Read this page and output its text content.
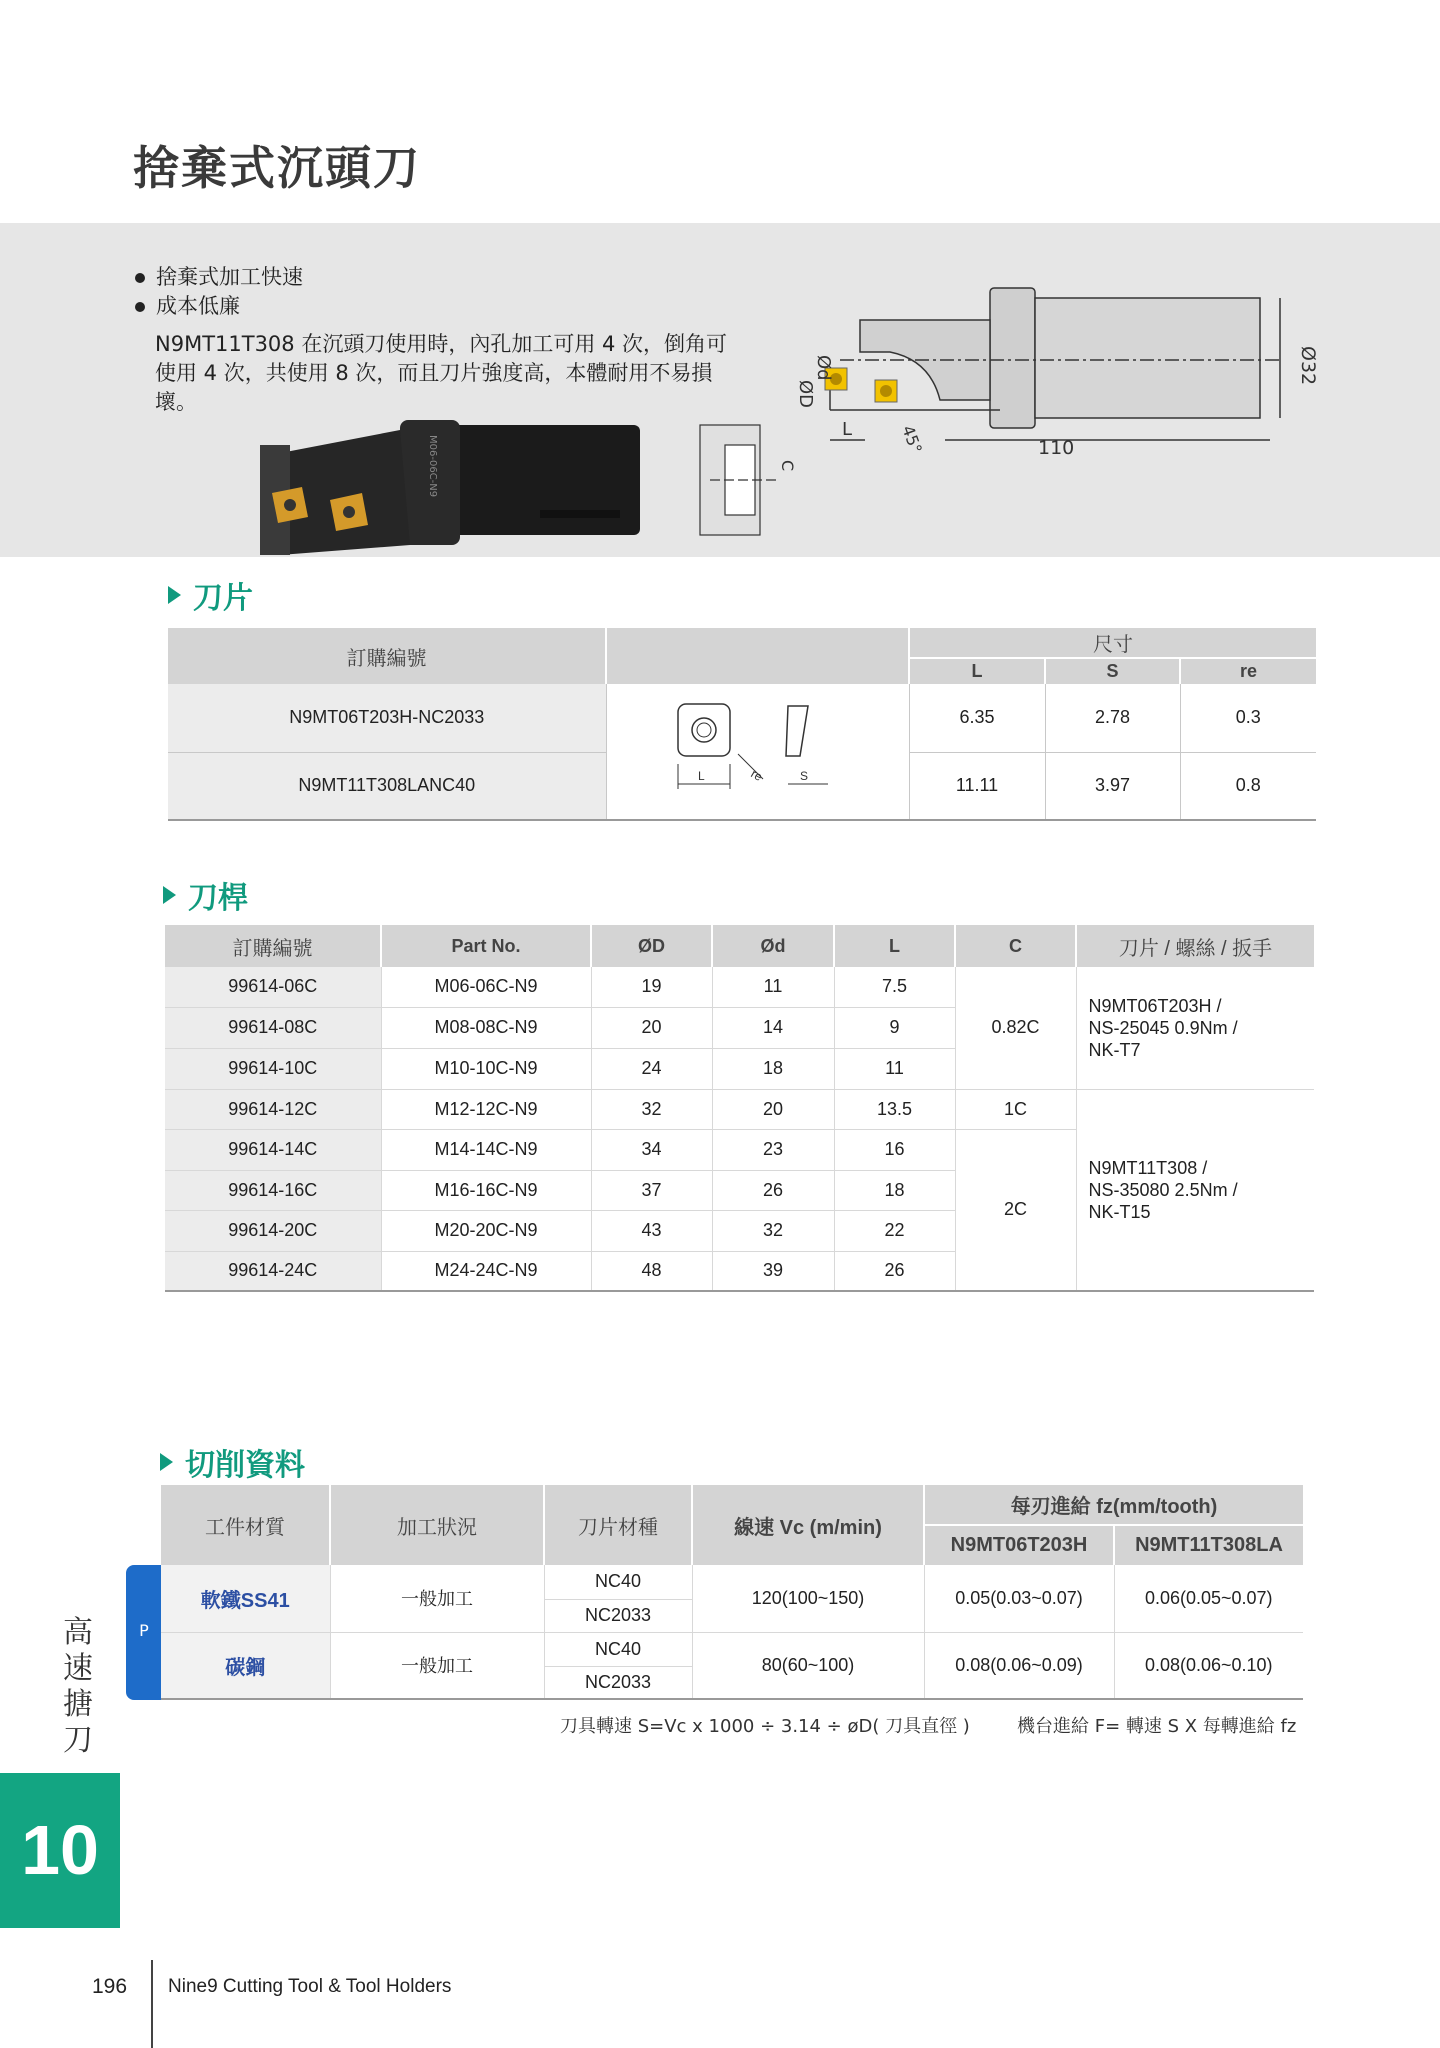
捨棄式沉頭刀
捨棄式加工快速
成本低廉
N9MT11T308 在沉頭刀使用時，內孔加工可用 4 次，倒角可使用 4 次，共使用 8 次，而且刀片強度高，本體耐用不易損壞。
M06-06C-N9
ØD
Ød
L	45°	110
Ø32
C
刀片
訂購編號		尺寸		
		L	S	re
N9MT06T203H-NC2033	L re S	6.35	2.78	0.3
N9MT11T308LANC40		11.11	3.97	0.8
刀桿
訂購編號	Part No.	ØD	Ød	L	C	刀片 / 螺絲 / 扳手
99614-06C	M06-06C-N9	19	11	7.5	0.82C	N9MT06T203H /
NS-25045 0.9Nm /
NK-T7

99614-08C	M08-08C-N9	20	14	9		
99614-10C	M10-10C-N9	24	18	11		
99614-12C	M12-12C-N9	32	20	13.5	1C	N9MT11T308 /
NS-35080 2.5Nm /
NK-T15

99614-14C	M14-14C-N9	34	23	16	2C	
99614-16C	M16-16C-N9	37	26	18		
99614-20C	M20-20C-N9	43	32	22		
99614-24C	M24-24C-N9	48	39	26		
切削資料
P
工件材質	加工狀況	刀片材種	線速 Vc (m/min)	每刃進給 fz(mm/tooth)	
				N9MT06T203H	N9MT11T308LA
軟鐵SS41	一般加工	NC40	120(100~150)	0.05(0.03~0.07)	0.06(0.05~0.07)
		NC2033			
碳鋼	一般加工	NC40	80(60~100)	0.08(0.06~0.09)	0.08(0.06~0.10)
		NC2033			
刀具轉速 S=Vc x 1000 ÷ 3.14 ÷ øD( 刀具直徑 )	機台進給 F= 轉速 S X 每轉進給 fz
高速搪刀
10
196 Nine9 Cutting Tool & Tool Holders
